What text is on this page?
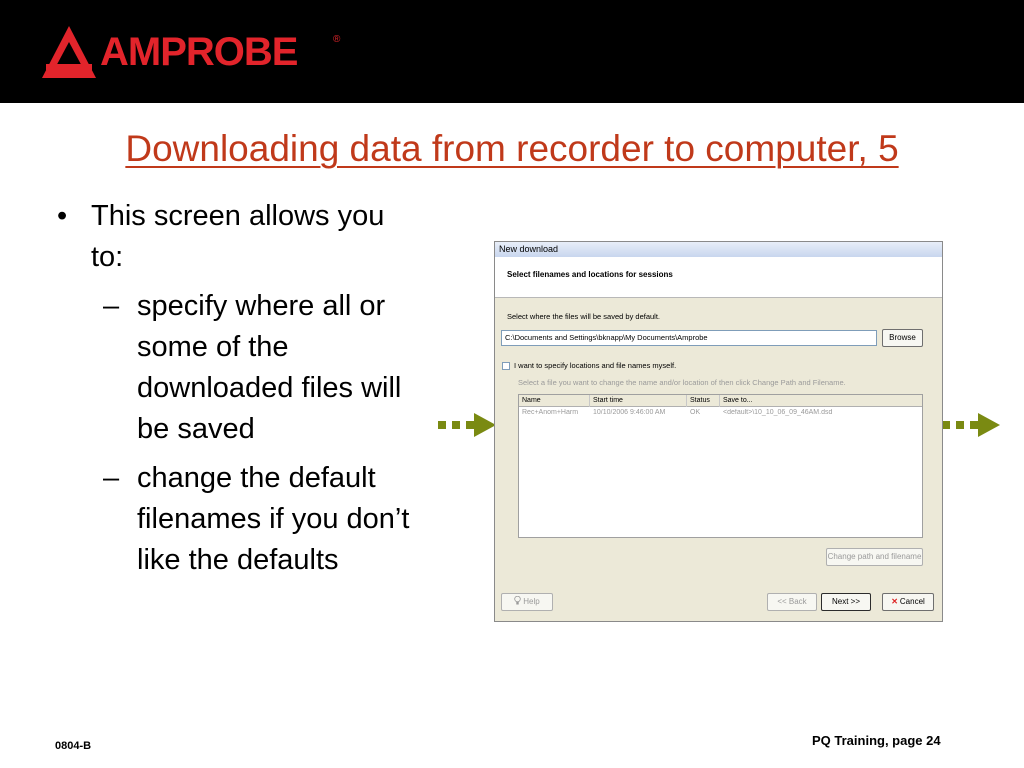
AMPROBE	®
Downloading data from recorder to computer, 5
• This screen allows you to:
– specify where all or some of the downloaded files will be saved
– change the default filenames if you don’t like the defaults
New download
Select filenames and locations for sessions
Select where the files will be saved by default.
C:\Documents and Settings\bknapp\My Documents\Amprobe	Browse
I want to specify locations and file names myself.
Select a file you want to change the name and/or location of then click Change Path and Filename.
Name	Start time	Status	Save to...
Rec+Anom+Harm	10/10/2006 9:46:00 AM	OK	<default>\10_10_06_09_46AM.dsd
Change path and filename
Help	<< Back	Next >>	✕ Cancel
0804-B	PQ Training, page 24
